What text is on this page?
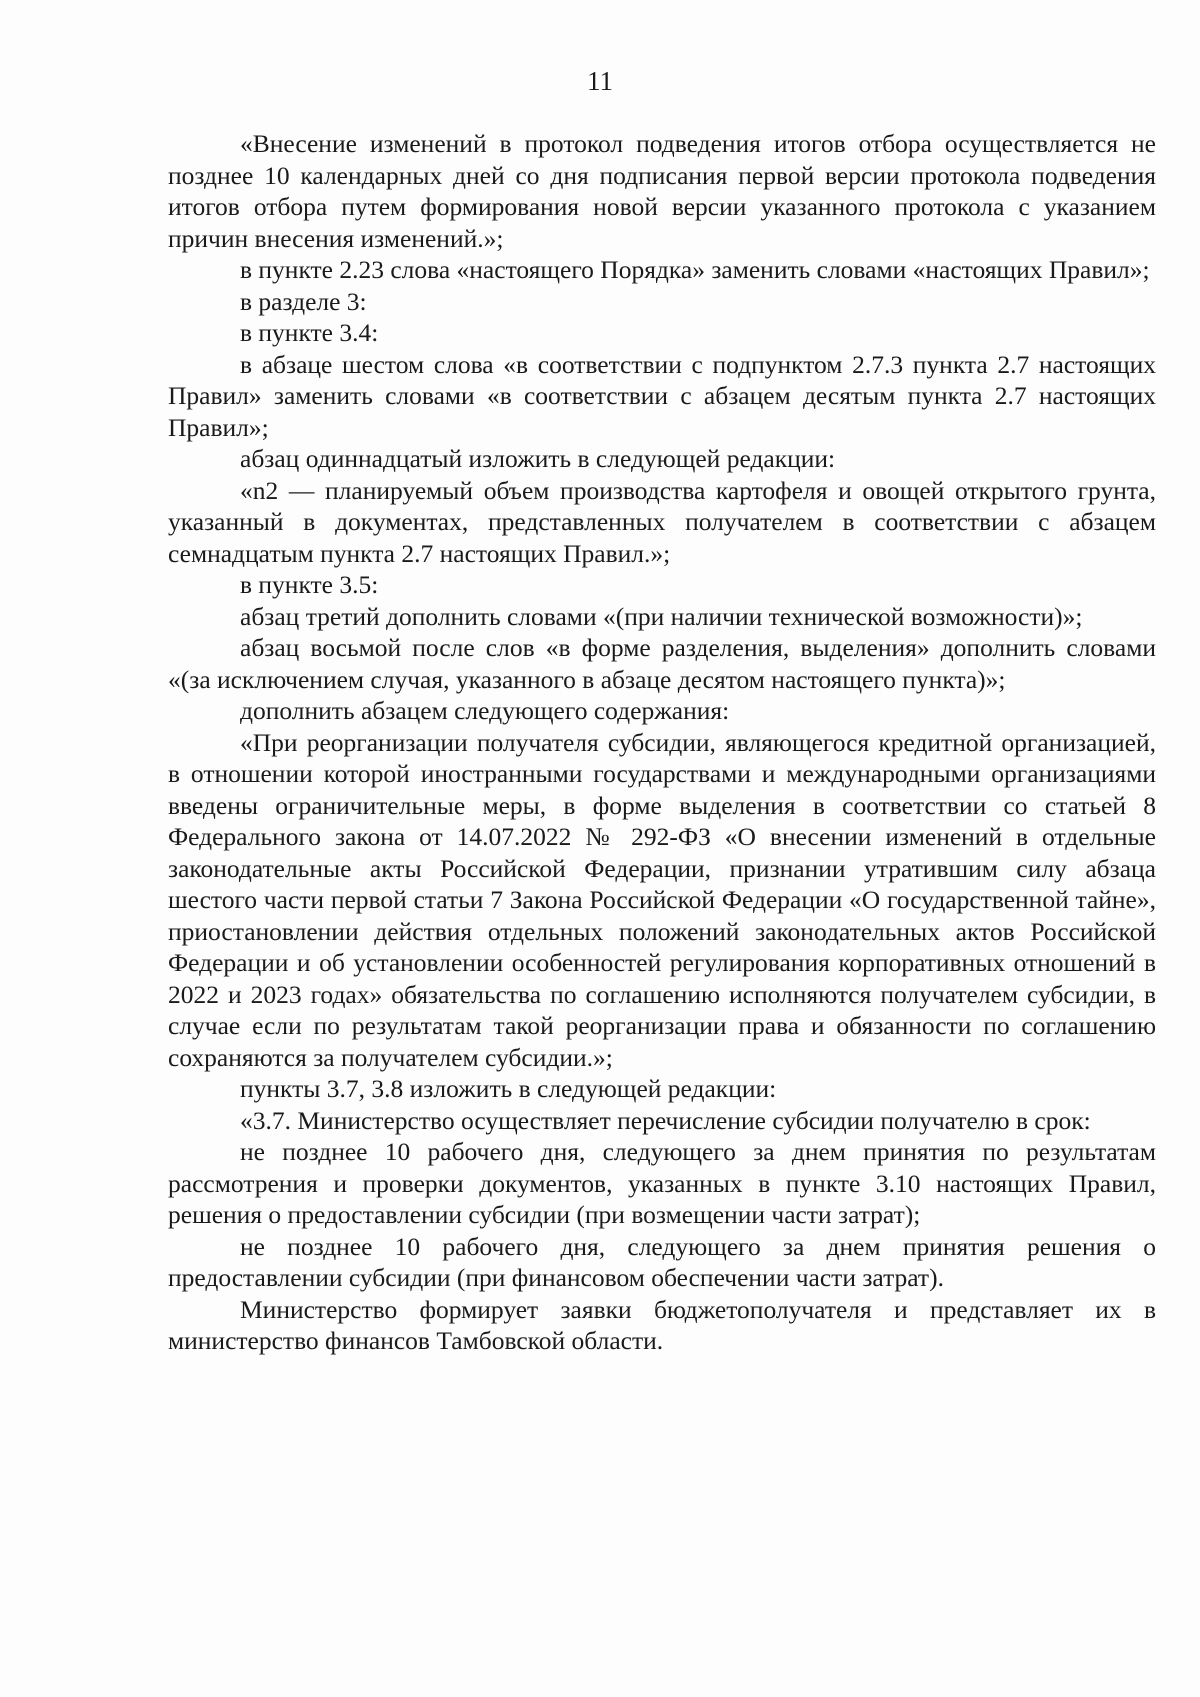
11

«Внесение изменений в протокол подведения итогов отбора осуществляется не позднее 10 календарных дней со дня подписания первой версии протокола подведения итогов отбора путем формирования новой версии указанного протокола с указанием причин внесения изменений.»;

в пункте 2.23 слова «настоящего Порядка» заменить словами «настоящих Правил»;

в разделе 3:

в пункте 3.4:

в абзаце шестом слова «в соответствии с подпунктом 2.7.3 пункта 2.7 настоящих Правил» заменить словами «в соответствии с абзацем десятым пункта 2.7 настоящих Правил»;

абзац одиннадцатый изложить в следующей редакции:

«n2 — планируемый объем производства картофеля и овощей открытого грунта, указанный в документах, представленных получателем в соответствии с абзацем семнадцатым пункта 2.7 настоящих Правил.»;

в пункте 3.5:

абзац третий дополнить словами «(при наличии технической возможности)»;

абзац восьмой после слов «в форме разделения, выделения» дополнить словами «(за исключением случая, указанного в абзаце десятом настоящего пункта)»;

дополнить абзацем следующего содержания:

«При реорганизации получателя субсидии, являющегося кредитной организацией, в отношении которой иностранными государствами и международными организациями введены ограничительные меры, в форме выделения в соответствии со статьей 8 Федерального закона от 14.07.2022 № 292-ФЗ «О внесении изменений в отдельные законодательные акты Российской Федерации, признании утратившим силу абзаца шестого части первой статьи 7 Закона Российской Федерации «О государственной тайне», приостановлении действия отдельных положений законодательных актов Российской Федерации и об установлении особенностей регулирования корпоративных отношений в 2022 и 2023 годах» обязательства по соглашению исполняются получателем субсидии, в случае если по результатам такой реорганизации права и обязанности по соглашению сохраняются за получателем субсидии.»;

пункты 3.7, 3.8 изложить в следующей редакции:

«3.7. Министерство осуществляет перечисление субсидии получателю в срок:

не позднее 10 рабочего дня, следующего за днем принятия по результатам рассмотрения и проверки документов, указанных в пункте 3.10 настоящих Правил, решения о предоставлении субсидии (при возмещении части затрат);

не позднее 10 рабочего дня, следующего за днем принятия решения о предоставлении субсидии (при финансовом обеспечении части затрат).

Министерство формирует заявки бюджетополучателя и представляет их в министерство финансов Тамбовской области.
